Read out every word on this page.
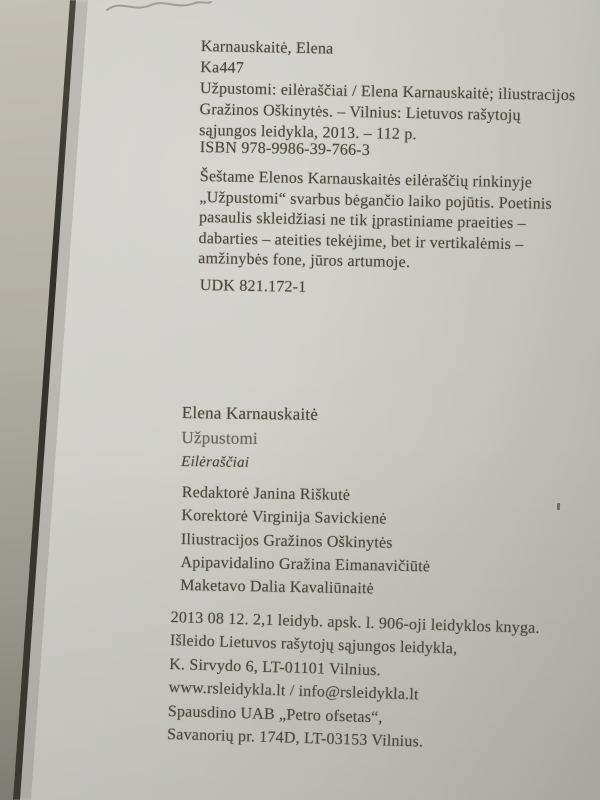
Karnauskaitė, Elena
Ka447
Užpustomi: eilėraščiai / Elena Karnauskaitė; iliustracijos
Gražinos Oškinytės. – Vilnius: Lietuvos rašytojų
sąjungos leidykla, 2013. – 112 p.
ISBN 978-9986-39-766-3
Šeštame Elenos Karnauskaitės eilėraščių rinkinyje
„Užpustomi“ svarbus bėgančio laiko pojūtis. Poetinis
pasaulis skleidžiasi ne tik įprastiniame praeities –
dabarties – ateities tekėjime, bet ir vertikalėmis –
amžinybės fone, jūros artumoje.
UDK 821.172-1
Elena Karnauskaitė
Užpustomi
Eilėraščiai
Redaktorė Janina Riškutė
Korektorė Virginija Savickienė
Iliustracijos Gražinos Oškinytės
Apipavidalino Gražina Eimanavičiūtė
Maketavo Dalia Kavaliūnaitė
2013 08 12. 2,1 leidyb. apsk. l. 906-oji leidyklos knyga.
Išleido Lietuvos rašytojų sąjungos leidykla,
K. Sirvydo 6, LT-01101 Vilnius.
www.rsleidykla.lt / info@rsleidykla.lt
Spausdino UAB „Petro ofsetas“,
Savanorių pr. 174D, LT-03153 Vilnius.
